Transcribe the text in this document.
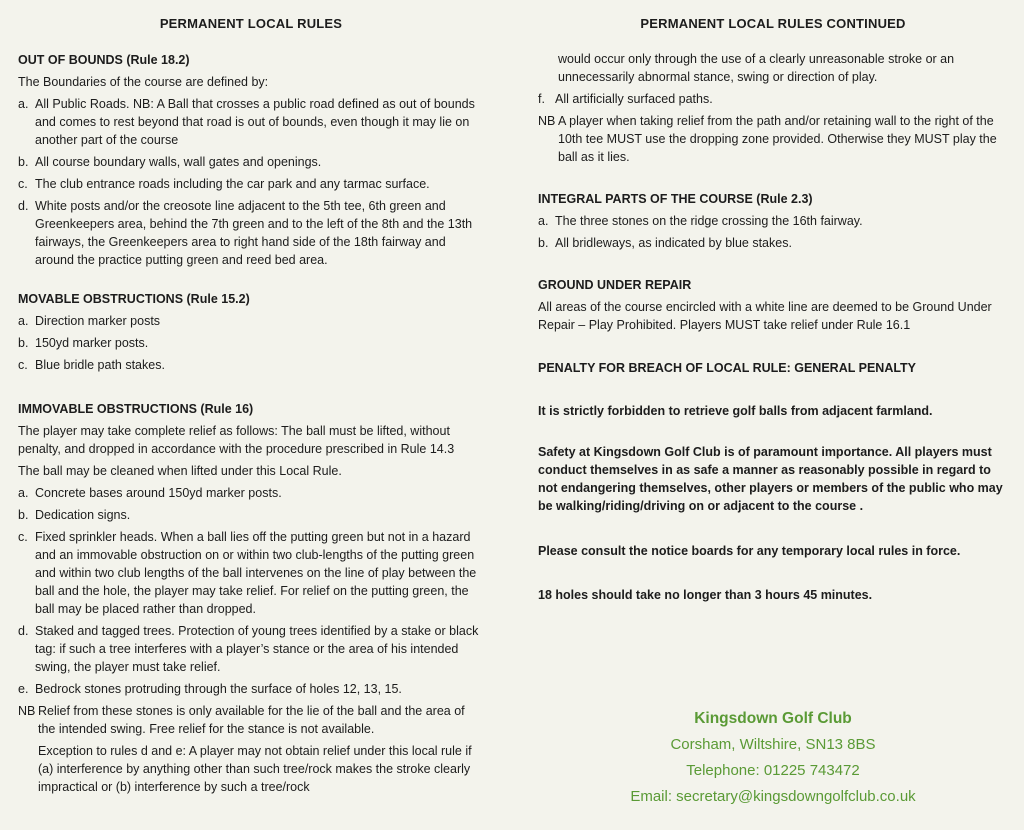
PERMANENT LOCAL RULES
OUT OF BOUNDS (Rule 18.2)
The Boundaries of the course are defined by:
a. All Public Roads. NB: A Ball that crosses a public road defined as out of bounds and comes to rest beyond that road is out of bounds, even though it may lie on another part of the course
b. All course boundary walls, wall gates and openings.
c. The club entrance roads including the car park and any tarmac surface.
d. White posts and/or the creosote line adjacent to the 5th tee, 6th green and Greenkeepers area, behind the 7th green and to the left of the 8th and the 13th fairways, the Greenkeepers area to right hand side of the 18th fairway and around the practice putting green and reed bed area.
MOVABLE OBSTRUCTIONS (Rule 15.2)
a. Direction marker posts
b. 150yd marker posts.
c. Blue bridle path stakes.
IMMOVABLE OBSTRUCTIONS (Rule 16)
The player may take complete relief as follows: The ball must be lifted, without penalty, and dropped in accordance with the procedure prescribed in Rule 14.3
The ball may be cleaned when lifted under this Local Rule.
a. Concrete bases around 150yd marker posts.
b. Dedication signs.
c. Fixed sprinkler heads. When a ball lies off the putting green but not in a hazard and an immovable obstruction on or within two club-lengths of the putting green and within two club lengths of the ball intervenes on the line of play between the ball and the hole, the player may take relief. For relief on the putting green, the ball may be placed rather than dropped.
d. Staked and tagged trees. Protection of young trees identified by a stake or black tag: if such a tree interferes with a player’s stance or the area of his intended swing, the player must take relief.
e. Bedrock stones protruding through the surface of holes 12, 13, 15.
NB Relief from these stones is only available for the lie of the ball and the area of the intended swing. Free relief for the stance is not available.
Exception to rules d and e: A player may not obtain relief under this local rule if (a) interference by anything other than such tree/rock makes the stroke clearly impractical or (b) interference by such a tree/rock
PERMANENT LOCAL RULES CONTINUED
would occur only through the use of a clearly unreasonable stroke or an unnecessarily abnormal stance, swing or direction of play.
f. All artificially surfaced paths.
NB A player when taking relief from the path and/or retaining wall to the right of the 10th tee MUST use the dropping zone provided. Otherwise they MUST play the ball as it lies.
INTEGRAL PARTS OF THE COURSE (Rule 2.3)
a. The three stones on the ridge crossing the 16th fairway.
b. All bridleways, as indicated by blue stakes.
GROUND UNDER REPAIR
All areas of the course encircled with a white line are deemed to be Ground Under Repair – Play Prohibited. Players MUST take relief under Rule 16.1
PENALTY FOR BREACH OF LOCAL RULE: GENERAL PENALTY

It is strictly forbidden to retrieve golf balls from adjacent farmland.

Safety at Kingsdown Golf Club is of paramount importance. All players must conduct themselves in as safe a manner as reasonably possible in regard to not endangering themselves, other players or members of the public who may be walking/riding/driving on or adjacent to the course .

Please consult the notice boards for any temporary local rules in force.

18 holes should take no longer than 3 hours 45 minutes.

Kingsdown Golf Club
Corsham, Wiltshire, SN13 8BS
Telephone: 01225 743472
Email: secretary@kingsdowngolfclub.co.uk
